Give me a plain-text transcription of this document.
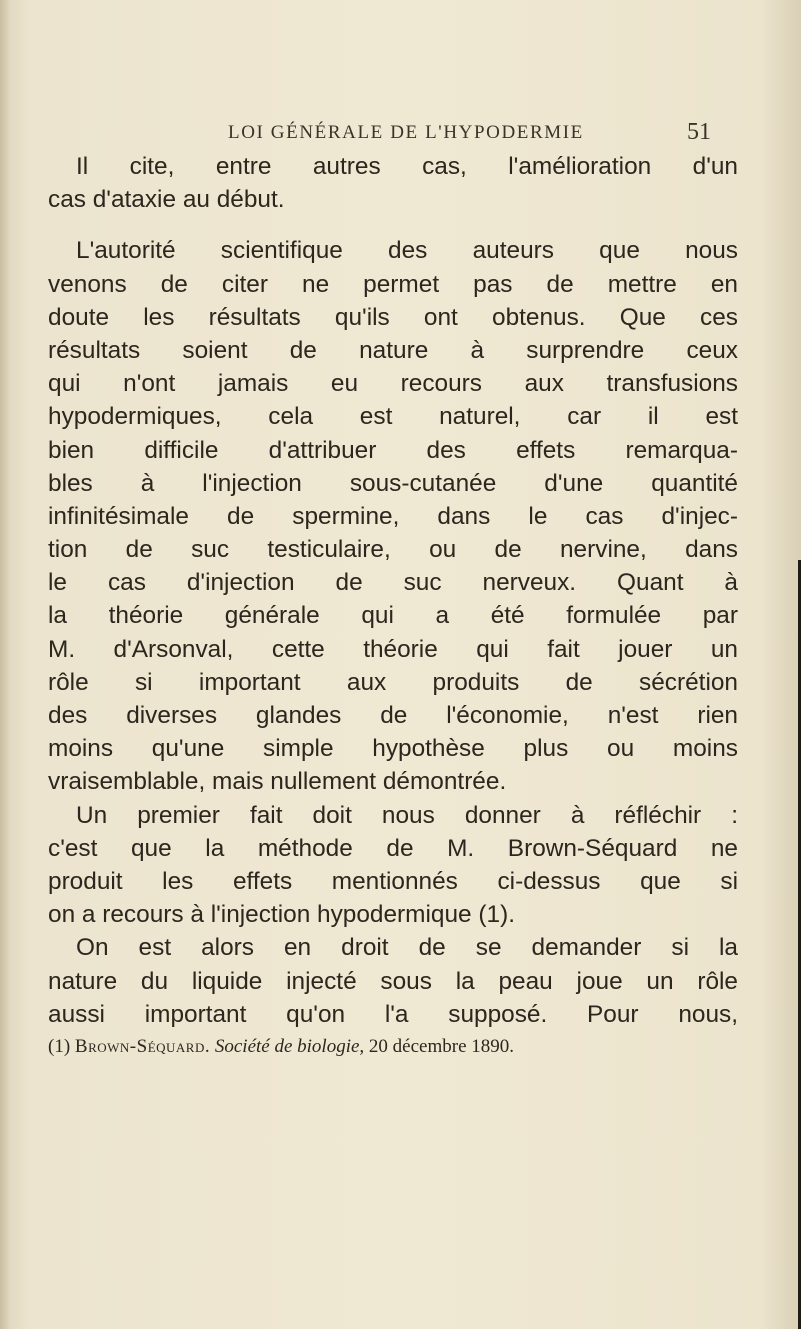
LOI GÉNÉRALE DE L'HYPODERMIE	51
Il cite, entre autres cas, l'amélioration d'un
cas d'ataxie au début.
L'autorité scientifique des auteurs que nous
venons de citer ne permet pas de mettre en
doute les résultats qu'ils ont obtenus. Que ces
résultats soient de nature à surprendre ceux
qui n'ont jamais eu recours aux transfusions
hypodermiques, cela est naturel, car il est
bien difficile d'attribuer des effets remarqua-
bles à l'injection sous-cutanée d'une quantité
infinitésimale de spermine, dans le cas d'injec-
tion de suc testiculaire, ou de nervine, dans
le cas d'injection de suc nerveux. Quant à
la théorie générale qui a été formulée par
M. d'Arsonval, cette théorie qui fait jouer un
rôle si important aux produits de sécrétion
des diverses glandes de l'économie, n'est rien
moins qu'une simple hypothèse plus ou moins
vraisemblable, mais nullement démontrée.
Un premier fait doit nous donner à réfléchir :
c'est que la méthode de M. Brown-Séquard ne
produit les effets mentionnés ci-dessus que si
on a recours à l'injection hypodermique (1).
On est alors en droit de se demander si la
nature du liquide injecté sous la peau joue un rôle
aussi important qu'on l'a supposé. Pour nous,
(1) Brown-Séquard. Société de biologie, 20 décembre 1890.
